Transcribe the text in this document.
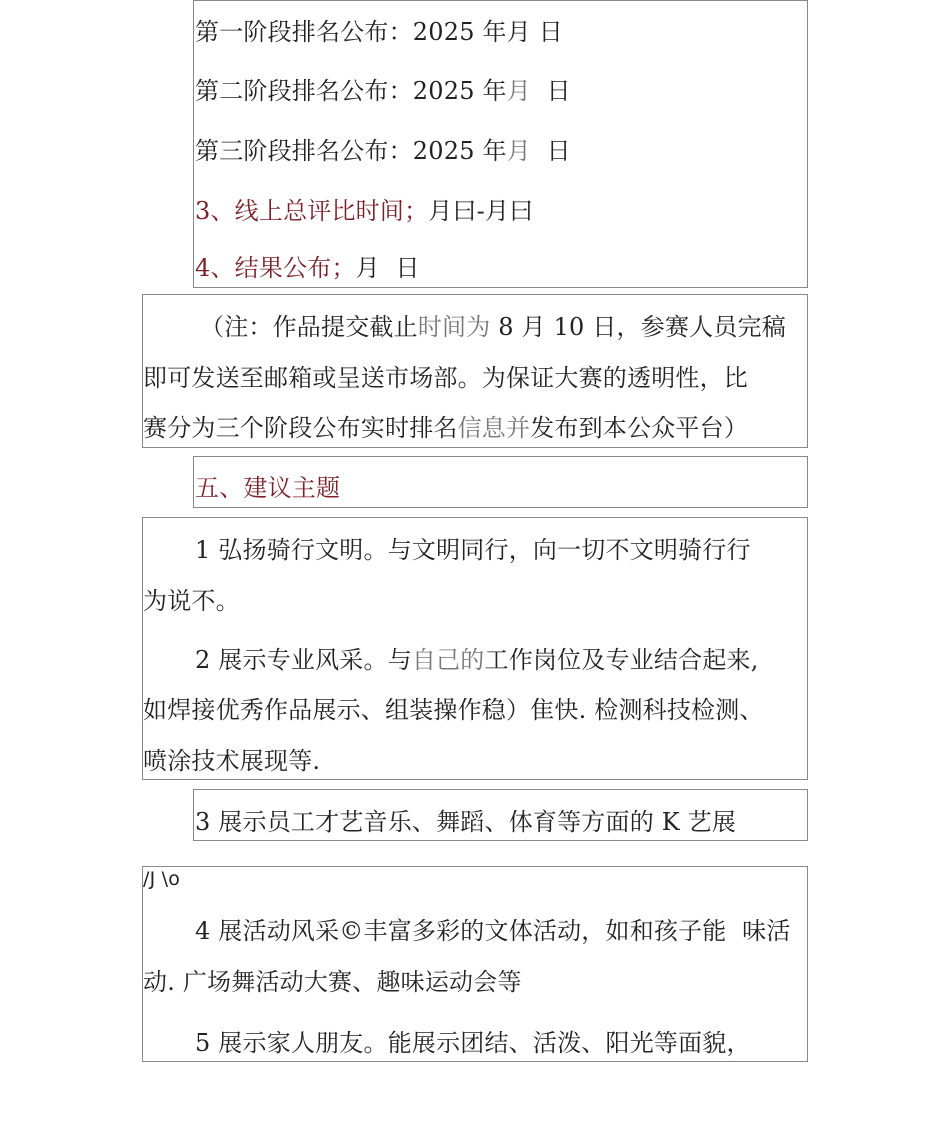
第一阶段排名公布：2025 年月 日
第二阶段排名公布：2025 年月  日
第三阶段排名公布：2025 年月  日
3、线上总评比时间；月曰-月曰
4、结果公布；月  日
（注：作品提交截止时间为 8 月 10 日，参赛人员完稿
即可发送至邮箱或呈送市场部。为保证大赛的透明性，比
赛分为三个阶段公布实时排名信息并发布到本公众平台）
五、建议主题
1 弘扬骑行文明。与文明同行，向一切不文明骑行行
为说不。
2 展示专业风采。与自己的工作岗位及专业结合起来,
如焊接优秀作品展示、组装操作稳）隹快. 检测科技检测、
喷涂技术展现等.
3 展示员工才艺音乐、舞蹈、体育等方面的 K 艺展
/J \o
4 展活动风采©丰富多彩的文体活动，如和孩子能  味活
动. 广场舞活动大赛、趣味运动会等
5 展示家人朋友。能展示团结、活泼、阳光等面貌，
